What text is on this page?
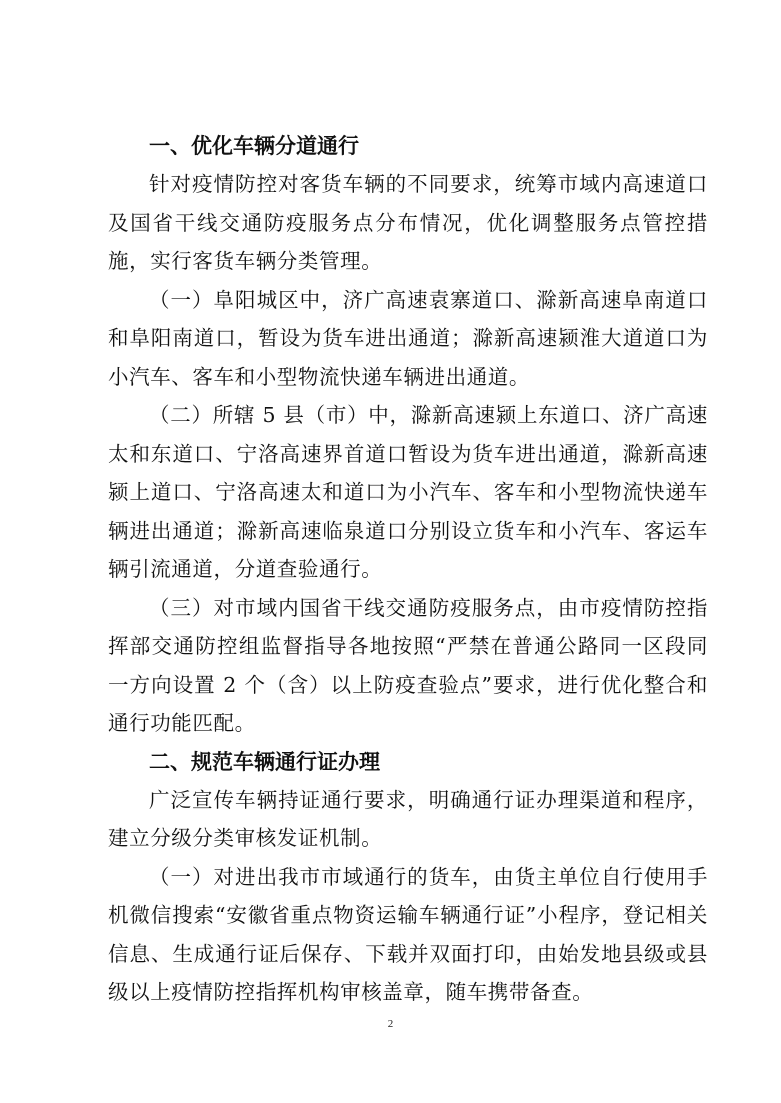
一、优化车辆分道通行

针对疫情防控对客货车辆的不同要求，统筹市域内高速道口及国省干线交通防疫服务点分布情况，优化调整服务点管控措施，实行客货车辆分类管理。

（一）阜阳城区中，济广高速袁寨道口、滁新高速阜南道口和阜阳南道口，暂设为货车进出通道；滁新高速颍淮大道道口为小汽车、客车和小型物流快递车辆进出通道。

（二）所辖 5 县（市）中，滁新高速颍上东道口、济广高速太和东道口、宁洛高速界首道口暂设为货车进出通道，滁新高速颍上道口、宁洛高速太和道口为小汽车、客车和小型物流快递车辆进出通道；滁新高速临泉道口分别设立货车和小汽车、客运车辆引流通道，分道查验通行。

（三）对市域内国省干线交通防疫服务点，由市疫情防控指挥部交通防控组监督指导各地按照“严禁在普通公路同一区段同一方向设置 2 个（含）以上防疫查验点”要求，进行优化整合和通行功能匹配。

二、规范车辆通行证办理

广泛宣传车辆持证通行要求，明确通行证办理渠道和程序，建立分级分类审核发证机制。

（一）对进出我市市域通行的货车，由货主单位自行使用手机微信搜索“安徽省重点物资运输车辆通行证”小程序，登记相关信息、生成通行证后保存、下载并双面打印，由始发地县级或县级以上疫情防控指挥机构审核盖章，随车携带备查。

2
